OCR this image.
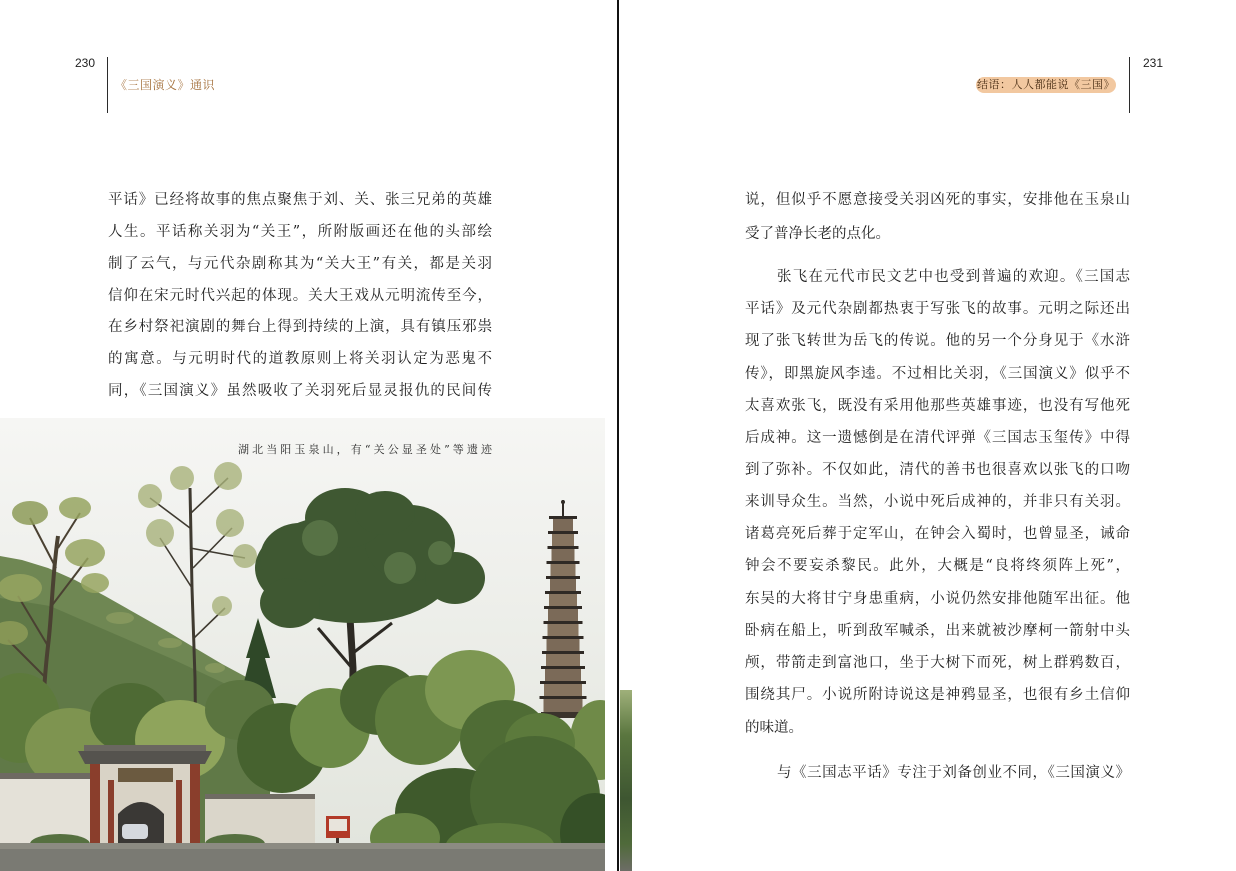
230
《三国演义》通识
平话》已经将故事的焦点聚焦于刘、关、张三兄弟的英雄
人生。平话称关羽为“关王”，所附版画还在他的头部绘
制了云气，与元代杂剧称其为“关大王”有关，都是关羽
信仰在宋元时代兴起的体现。关大王戏从元明流传至今，
在乡村祭祀演剧的舞台上得到持续的上演，具有镇压邪祟
的寓意。与元明时代的道教原则上将关羽认定为恶鬼不
同，《三国演义》虽然吸收了关羽死后显灵报仇的民间传
湖北当阳玉泉山，有“关公显圣处”等遗迹
231
结语：人人都能说《三国》
说，但似乎不愿意接受关羽凶死的事实，安排他在玉泉山
受了普净长老的点化。
张飞在元代市民文艺中也受到普遍的欢迎。《三国志
平话》及元代杂剧都热衷于写张飞的故事。元明之际还出
现了张飞转世为岳飞的传说。他的另一个分身见于《水浒
传》，即黑旋风李逵。不过相比关羽，《三国演义》似乎不
太喜欢张飞，既没有采用他那些英雄事迹，也没有写他死
后成神。这一遗憾倒是在清代评弹《三国志玉玺传》中得
到了弥补。不仅如此，清代的善书也很喜欢以张飞的口吻
来训导众生。当然，小说中死后成神的，并非只有关羽。
诸葛亮死后葬于定军山，在钟会入蜀时，也曾显圣，诫命
钟会不要妄杀黎民。此外，大概是“良将终须阵上死”，
东吴的大将甘宁身患重病，小说仍然安排他随军出征。他
卧病在船上，听到敌军喊杀，出来就被沙摩柯一箭射中头
颅，带箭走到富池口，坐于大树下而死，树上群鸦数百，
围绕其尸。小说所附诗说这是神鸦显圣，也很有乡土信仰
的味道。
与《三国志平话》专注于刘备创业不同，《三国演义》
